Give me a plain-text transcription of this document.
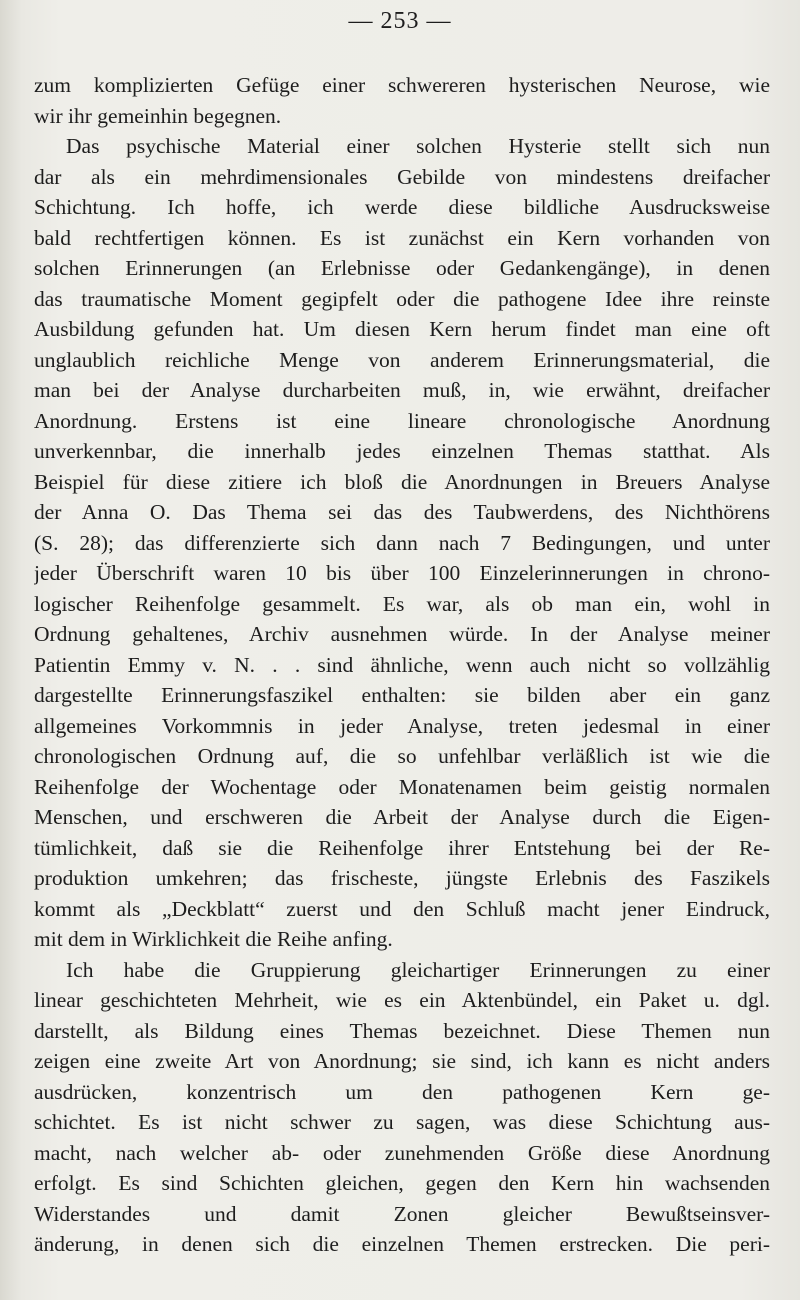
— 253 —
zum komplizierten Gefüge einer schwereren hysterischen Neurose, wie
wir ihr gemeinhin begegnen.
Das psychische Material einer solchen Hysterie stellt sich nun
dar als ein mehrdimensionales Gebilde von mindestens dreifacher
Schichtung. Ich hoffe, ich werde diese bildliche Ausdrucksweise
bald rechtfertigen können. Es ist zunächst ein Kern vorhanden von
solchen Erinnerungen (an Erlebnisse oder Gedankengänge), in denen
das traumatische Moment gegipfelt oder die pathogene Idee ihre reinste
Ausbildung gefunden hat. Um diesen Kern herum findet man eine oft
unglaublich reichliche Menge von anderem Erinnerungsmaterial, die
man bei der Analyse durcharbeiten muß, in, wie erwähnt, dreifacher
Anordnung. Erstens ist eine lineare chronologische Anordnung
unverkennbar, die innerhalb jedes einzelnen Themas statthat. Als
Beispiel für diese zitiere ich bloß die Anordnungen in Breuers Analyse
der Anna O. Das Thema sei das des Taubwerdens, des Nichthörens
(S. 28); das differenzierte sich dann nach 7 Bedingungen, und unter
jeder Überschrift waren 10 bis über 100 Einzelerinnerungen in chrono-
logischer Reihenfolge gesammelt. Es war, als ob man ein, wohl in
Ordnung gehaltenes, Archiv ausnehmen würde. In der Analyse meiner
Patientin Emmy v. N. . . sind ähnliche, wenn auch nicht so vollzählig
dargestellte Erinnerungsfaszikel enthalten: sie bilden aber ein ganz
allgemeines Vorkommnis in jeder Analyse, treten jedesmal in einer
chronologischen Ordnung auf, die so unfehlbar verläßlich ist wie die
Reihenfolge der Wochentage oder Monatenamen beim geistig normalen
Menschen, und erschweren die Arbeit der Analyse durch die Eigen-
tümlichkeit, daß sie die Reihenfolge ihrer Entstehung bei der Re-
produktion umkehren; das frischeste, jüngste Erlebnis des Faszikels
kommt als „Deckblatt“ zuerst und den Schluß macht jener Eindruck,
mit dem in Wirklichkeit die Reihe anfing.
Ich habe die Gruppierung gleichartiger Erinnerungen zu einer
linear geschichteten Mehrheit, wie es ein Aktenbündel, ein Paket u. dgl.
darstellt, als Bildung eines Themas bezeichnet. Diese Themen nun
zeigen eine zweite Art von Anordnung; sie sind, ich kann es nicht anders
ausdrücken, konzentrisch um den pathogenen Kern ge-
schichtet. Es ist nicht schwer zu sagen, was diese Schichtung aus-
macht, nach welcher ab- oder zunehmenden Größe diese Anordnung
erfolgt. Es sind Schichten gleichen, gegen den Kern hin wachsenden
Widerstandes und damit Zonen gleicher Bewußtseinsver-
änderung, in denen sich die einzelnen Themen erstrecken. Die peri-
